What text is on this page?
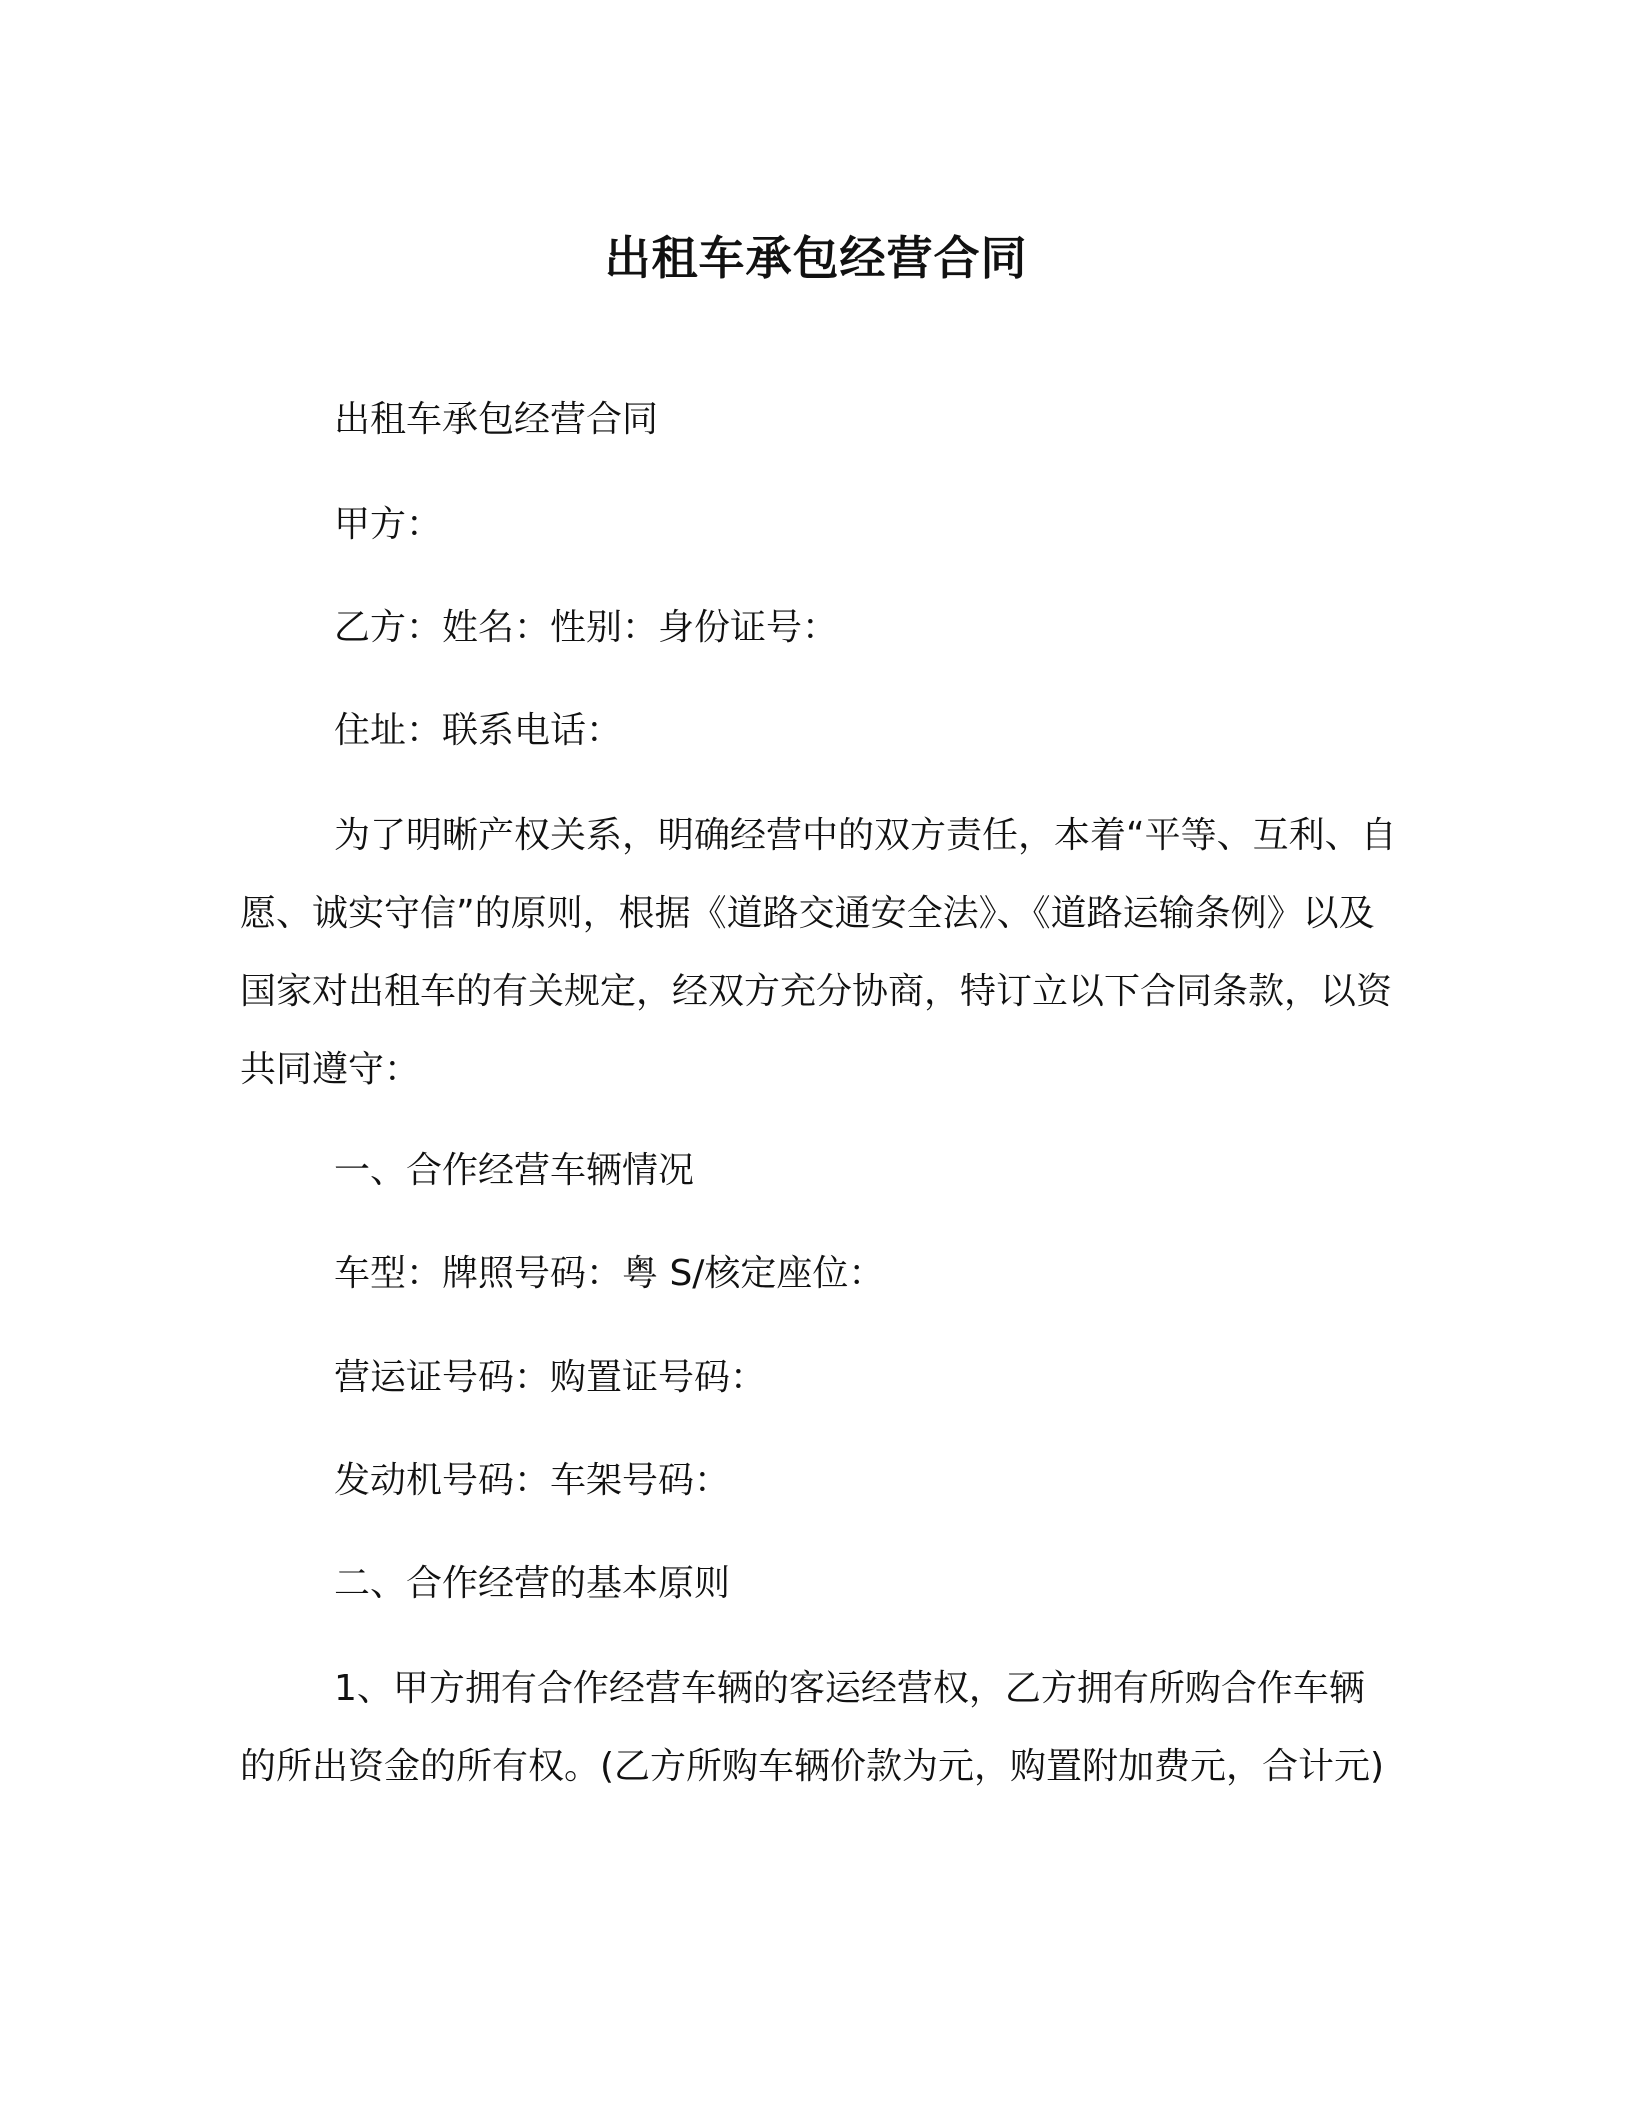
出租车承包经营合同

出租车承包经营合同

甲方：

乙方：姓名：性别：身份证号：

住址：联系电话：

为了明晰产权关系，明确经营中的双方责任，本着“平等、互利、自愿、诚实守信”的原则，根据《道路交通安全法》、《道路运输条例》以及国家对出租车的有关规定，经双方充分协商，特订立以下合同条款，以资共同遵守：

一、合作经营车辆情况

车型：牌照号码：粤 S/核定座位：

营运证号码：购置证号码：

发动机号码：车架号码：

二、合作经营的基本原则

1、甲方拥有合作经营车辆的客运经营权，乙方拥有所购合作车辆的所出资金的所有权。(乙方所购车辆价款为元，购置附加费元，合计元)
